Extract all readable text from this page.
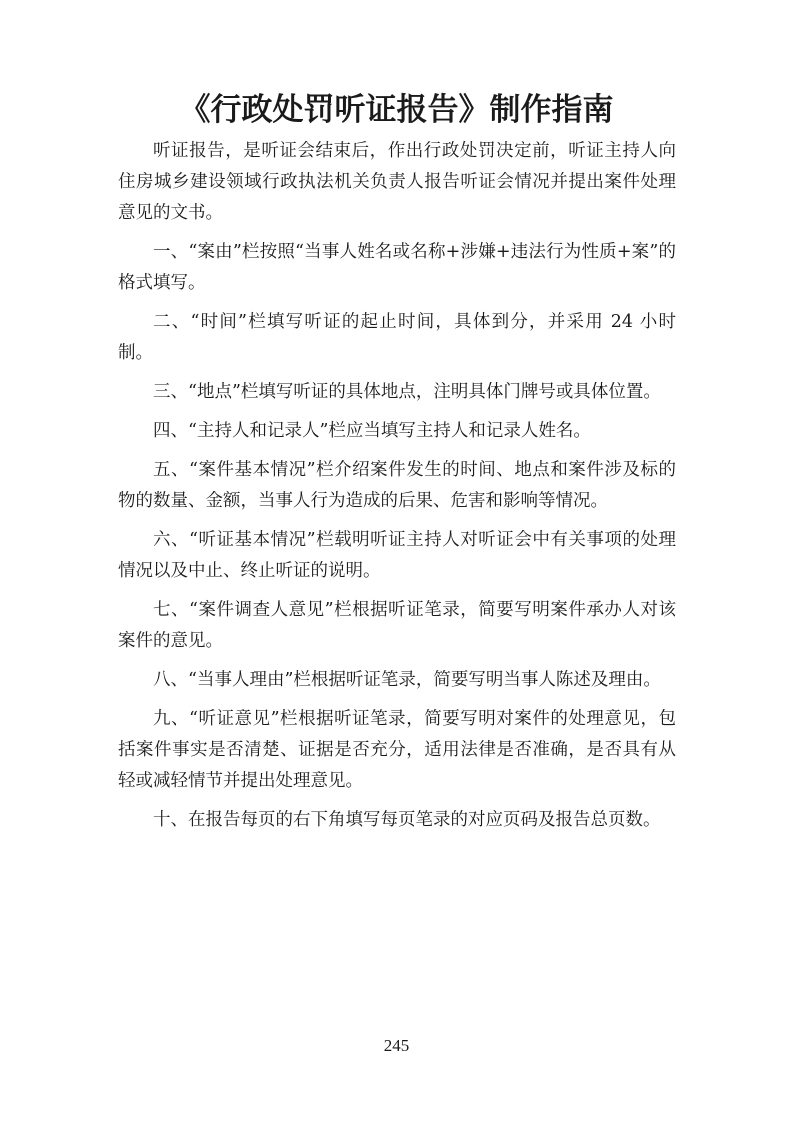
《行政处罚听证报告》制作指南

听证报告，是听证会结束后，作出行政处罚决定前，听证主持人向住房城乡建设领域行政执法机关负责人报告听证会情况并提出案件处理意见的文书。

一、“案由”栏按照“当事人姓名或名称+涉嫌+违法行为性质+案”的格式填写。

二、“时间”栏填写听证的起止时间，具体到分，并采用 24 小时制。

三、“地点”栏填写听证的具体地点，注明具体门牌号或具体位置。

四、“主持人和记录人”栏应当填写主持人和记录人姓名。

五、“案件基本情况”栏介绍案件发生的时间、地点和案件涉及标的物的数量、金额，当事人行为造成的后果、危害和影响等情况。

六、“听证基本情况”栏载明听证主持人对听证会中有关事项的处理情况以及中止、终止听证的说明。

七、“案件调查人意见”栏根据听证笔录，简要写明案件承办人对该案件的意见。

八、“当事人理由”栏根据听证笔录，简要写明当事人陈述及理由。

九、“听证意见”栏根据听证笔录，简要写明对案件的处理意见，包括案件事实是否清楚、证据是否充分，适用法律是否准确，是否具有从轻或减轻情节并提出处理意见。

十、在报告每页的右下角填写每页笔录的对应页码及报告总页数。

245
